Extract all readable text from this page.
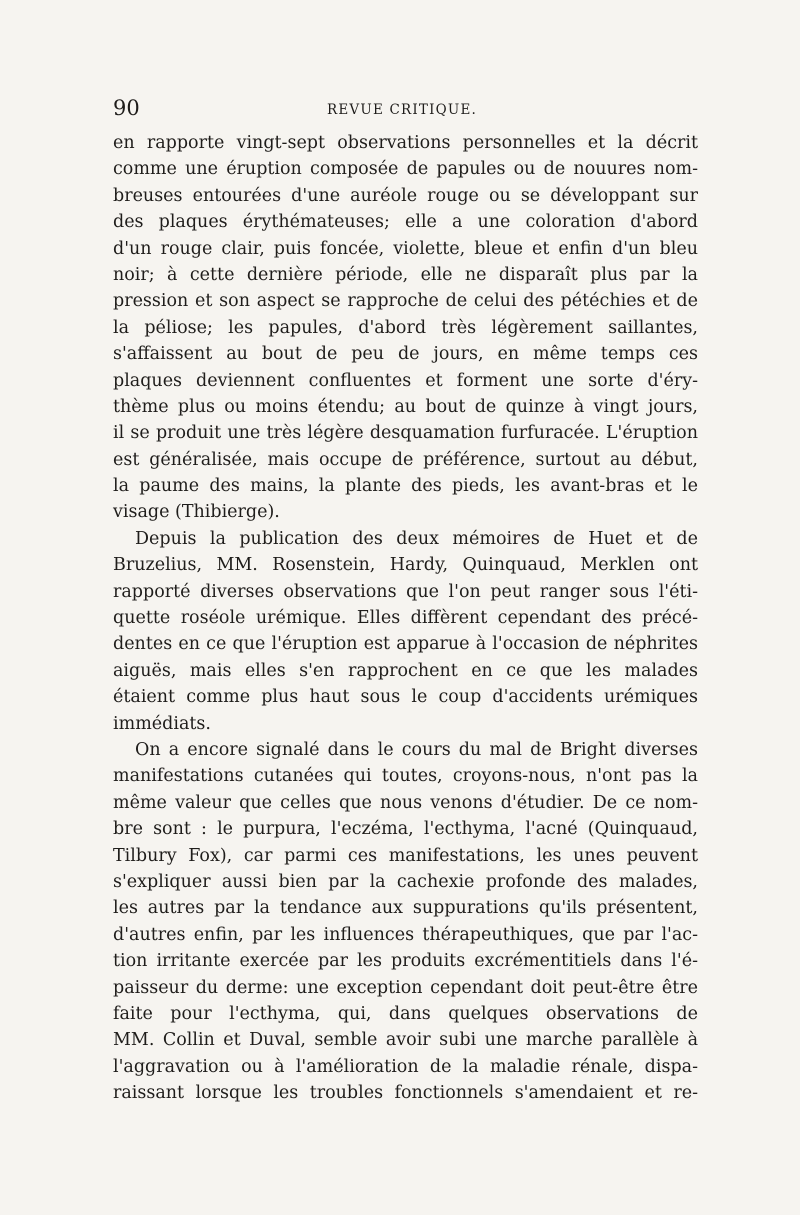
90	REVUE CRITIQUE.
en rapporte vingt-sept observations personnelles et la décrit
comme une éruption composée de papules ou de nouures nom-
breuses entourées d'une auréole rouge ou se développant sur
des plaques érythémateuses; elle a une coloration d'abord
d'un rouge clair, puis foncée, violette, bleue et enfin d'un bleu
noir; à cette dernière période, elle ne disparaît plus par la
pression et son aspect se rapproche de celui des pétéchies et de
la péliose; les papules, d'abord très légèrement saillantes,
s'affaissent au bout de peu de jours, en même temps ces
plaques deviennent confluentes et forment une sorte d'éry-
thème plus ou moins étendu; au bout de quinze à vingt jours,
il se produit une très légère desquamation furfuracée. L'éruption
est généralisée, mais occupe de préférence, surtout au début,
la paume des mains, la plante des pieds, les avant-bras et le
visage (Thibierge).
Depuis la publication des deux mémoires de Huet et de
Bruzelius, MM. Rosenstein, Hardy, Quinquaud, Merklen ont
rapporté diverses observations que l'on peut ranger sous l'éti-
quette roséole urémique. Elles diffèrent cependant des précé-
dentes en ce que l'éruption est apparue à l'occasion de néphrites
aiguës, mais elles s'en rapprochent en ce que les malades
étaient comme plus haut sous le coup d'accidents urémiques
immédiats.
On a encore signalé dans le cours du mal de Bright diverses
manifestations cutanées qui toutes, croyons-nous, n'ont pas la
même valeur que celles que nous venons d'étudier. De ce nom-
bre sont : le purpura, l'eczéma, l'ecthyma, l'acné (Quinquaud,
Tilbury Fox), car parmi ces manifestations, les unes peuvent
s'expliquer aussi bien par la cachexie profonde des malades,
les autres par la tendance aux suppurations qu'ils présentent,
d'autres enfin, par les influences thérapeuthiques, que par l'ac-
tion irritante exercée par les produits excrémentitiels dans l'é-
paisseur du derme: une exception cependant doit peut-être être
faite pour l'ecthyma, qui, dans quelques observations de
MM. Collin et Duval, semble avoir subi une marche parallèle à
l'aggravation ou à l'amélioration de la maladie rénale, dispa-
raissant lorsque les troubles fonctionnels s'amendaient et re-
